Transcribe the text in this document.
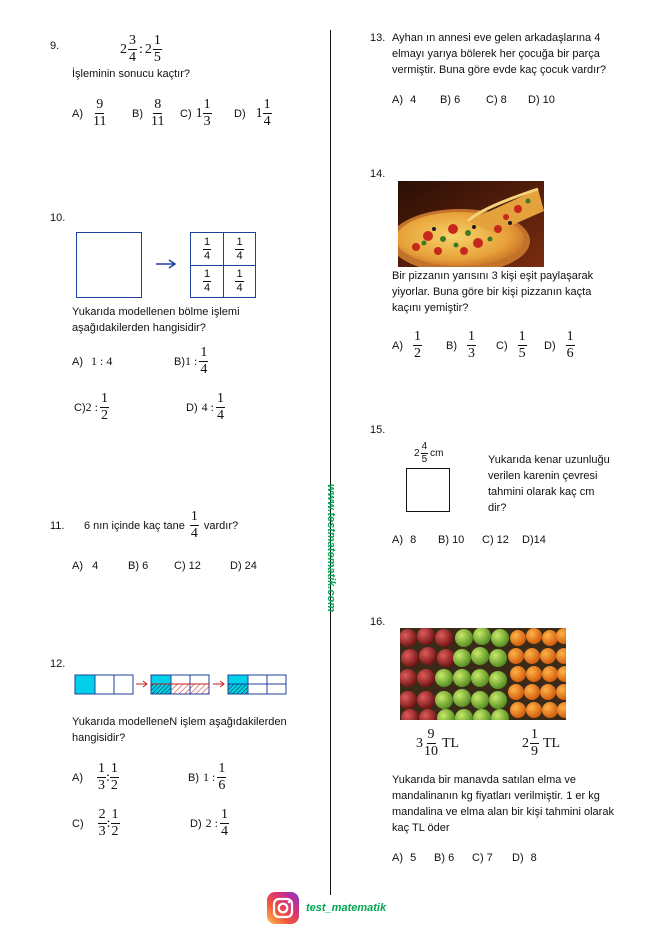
www.testmatematik.com
9.	$2 \frac{3}{4}$ : $2 \frac{1}{5}$
İşleminin sonucu kaçtır?
$A) \frac{9}{11} B) \frac{8}{11} C$) $1 \frac{1}{3} D$) $1 \frac{1}{4}$
10.
$\frac{1}{4} \frac{1}{4}$
$\frac{1}{4} \frac{1}{4}$
Yukarıda modellenen bölme işlemi
aşağıdakilerden hangisidir?
A) 1 : 4	B) 1 : $\frac{1}{4}$
C) 2 : $\frac{1}{2}$	D) 4 : $\frac{1}{4}$
11. 6 nın içinde kaç tane $\frac{1}{4}$ vardır?
A) 4	B) 6 C) 12	D) 24
12.
Yukarıda modelleneN işlem aşağıdakilerden
hangisidir?
$A) \frac{1}{3}$ : $\frac{1}{2}$	B) 1 : $\frac{1}{6}$
$C) \frac{2}{3}$ : $\frac{1}{2}$	D) 2 : $\frac{1}{4}$
13. Ayhan ın annesi eve gelen arkadaşlarına 4
elmayı yarıya bölerek her çocuğa bir parça
vermiştir. Buna göre evde kaç çocuk vardır?
A) 4 B) 6 C) 8 D) 10
14.
Bir pizzanın yarısını 3 kişi eşit paylaşarak
yiyorlar. Buna göre bir kişi pizzanın kaçta
kaçını yemiştir?
$A) \frac{1}{2} B) \frac{1}{3} C) \frac{1}{5} D) \frac{1}{6}$
15.
$2 \frac{4}{5}$ cm
Yukarıda kenar uzunluğu
verilen karenin çevresi
tahmini olarak kaç cm
dir?
A) 8 B) 10 C) 12 D)14
16.
$3 \frac{9}{10}$ TL	$2 \frac{1}{9}$ TL
Yukarıda bir manavda satılan elma ve
mandalinanın kg fiyatları verilmiştir. 1 er kg
mandalina ve elma alan bir kişi tahmini olarak
kaç TL öder
A) 5 B) 6 C) 7 D) 8
test_matematik
